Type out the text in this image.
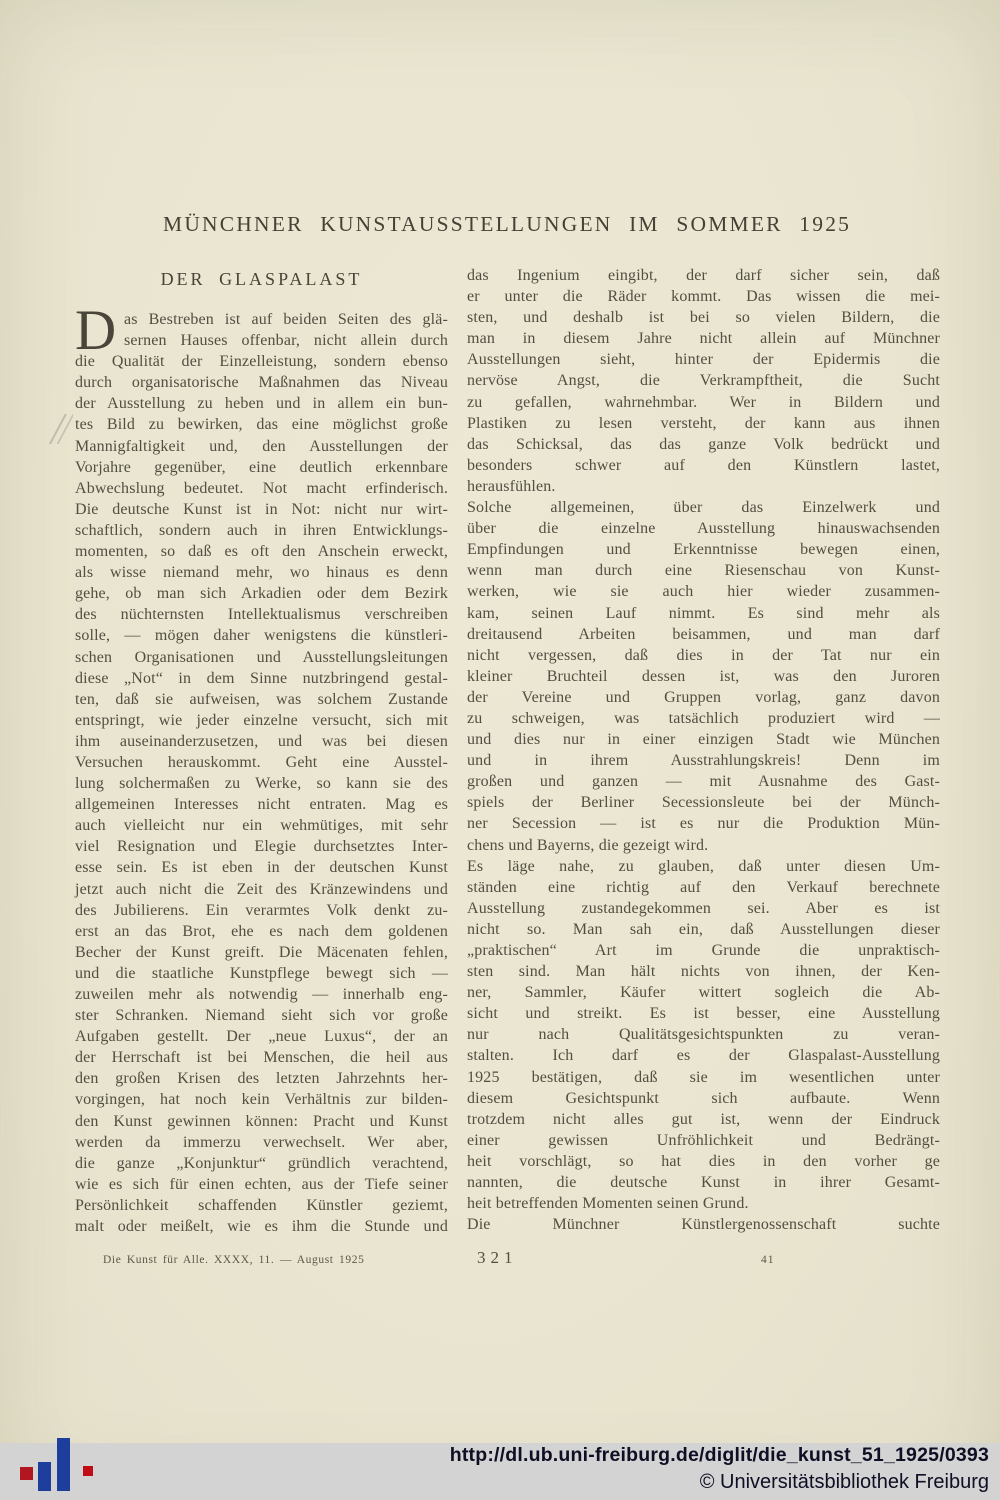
MÜNCHNER KUNSTAUSSTELLUNGEN IM SOMMER 1925
DER GLASPALAST
D as Bestreben ist auf beiden Seiten des glä-
sernen Hauses offenbar, nicht allein durch
die Qualität der Einzelleistung, sondern ebenso
durch organisatorische Maßnahmen das Niveau
der Ausstellung zu heben und in allem ein bun-
tes Bild zu bewirken, das eine möglichst große
Mannigfaltigkeit und, den Ausstellungen der
Vorjahre gegenüber, eine deutlich erkennbare
Abwechslung bedeutet. Not macht erfinderisch.
Die deutsche Kunst ist in Not: nicht nur wirt-
schaftlich, sondern auch in ihren Entwicklungs-
momenten, so daß es oft den Anschein erweckt,
als wisse niemand mehr, wo hinaus es denn
gehe, ob man sich Arkadien oder dem Bezirk
des nüchternsten Intellektualismus verschreiben
solle, — mögen daher wenigstens die künstleri-
schen Organisationen und Ausstellungsleitungen
diese „Not“ in dem Sinne nutzbringend gestal-
ten, daß sie aufweisen, was solchem Zustande
entspringt, wie jeder einzelne versucht, sich mit
ihm auseinanderzusetzen, und was bei diesen
Versuchen herauskommt. Geht eine Ausstel-
lung solchermaßen zu Werke, so kann sie des
allgemeinen Interesses nicht entraten. Mag es
auch vielleicht nur ein wehmütiges, mit sehr
viel Resignation und Elegie durchsetztes Inter-
esse sein. Es ist eben in der deutschen Kunst
jetzt auch nicht die Zeit des Kränzewindens und
des Jubilierens. Ein verarmtes Volk denkt zu-
erst an das Brot, ehe es nach dem goldenen
Becher der Kunst greift. Die Mäcenaten fehlen,
und die staatliche Kunstpflege bewegt sich —
zuweilen mehr als notwendig — innerhalb eng-
ster Schranken. Niemand sieht sich vor große
Aufgaben gestellt. Der „neue Luxus“, der an
der Herrschaft ist bei Menschen, die heil aus
den großen Krisen des letzten Jahrzehnts her-
vorgingen, hat noch kein Verhältnis zur bilden-
den Kunst gewinnen können: Pracht und Kunst
werden da immerzu verwechselt. Wer aber,
die ganze „Konjunktur“ gründlich verachtend,
wie es sich für einen echten, aus der Tiefe seiner
Persönlichkeit schaffenden Künstler geziemt,
malt oder meißelt, wie es ihm die Stunde und
das Ingenium eingibt, der darf sicher sein, daß
er unter die Räder kommt. Das wissen die mei-
sten, und deshalb ist bei so vielen Bildern, die
man in diesem Jahre nicht allein auf Münchner
Ausstellungen sieht, hinter der Epidermis die
nervöse Angst, die Verkrampftheit, die Sucht
zu gefallen, wahrnehmbar. Wer in Bildern und
Plastiken zu lesen versteht, der kann aus ihnen
das Schicksal, das das ganze Volk bedrückt und
besonders schwer auf den Künstlern lastet,
herausfühlen.
Solche allgemeinen, über das Einzelwerk und
über die einzelne Ausstellung hinauswachsenden
Empfindungen und Erkenntnisse bewegen einen,
wenn man durch eine Riesenschau von Kunst-
werken, wie sie auch hier wieder zusammen-
kam, seinen Lauf nimmt. Es sind mehr als
dreitausend Arbeiten beisammen, und man darf
nicht vergessen, daß dies in der Tat nur ein
kleiner Bruchteil dessen ist, was den Juroren
der Vereine und Gruppen vorlag, ganz davon
zu schweigen, was tatsächlich produziert wird —
und dies nur in einer einzigen Stadt wie München
und in ihrem Ausstrahlungskreis! Denn im
großen und ganzen — mit Ausnahme des Gast-
spiels der Berliner Secessionsleute bei der Münch-
ner Secession — ist es nur die Produktion Mün-
chens und Bayerns, die gezeigt wird.
Es läge nahe, zu glauben, daß unter diesen Um-
ständen eine richtig auf den Verkauf berechnete
Ausstellung zustandegekommen sei. Aber es ist
nicht so. Man sah ein, daß Ausstellungen dieser
„praktischen“ Art im Grunde die unpraktisch-
sten sind. Man hält nichts von ihnen, der Ken-
ner, Sammler, Käufer wittert sogleich die Ab-
sicht und streikt. Es ist besser, eine Ausstellung
nur nach Qualitätsgesichtspunkten zu veran-
stalten. Ich darf es der Glaspalast-Ausstellung
1925 bestätigen, daß sie im wesentlichen unter
diesem Gesichtspunkt sich aufbaute. Wenn
trotzdem nicht alles gut ist, wenn der Eindruck
einer gewissen Unfröhlichkeit und Bedrängt-
heit vorschlägt, so hat dies in den vorher ge
nannten, die deutsche Kunst in ihrer Gesamt-
heit betreffenden Momenten seinen Grund.
Die Münchner Künstlergenossenschaft suchte
Die Kunst für Alle. XXXX, 11. — August 1925	321	41
http://dl.ub.uni-freiburg.de/diglit/die_kunst_51_1925/0393
© Universitätsbibliothek Freiburg
